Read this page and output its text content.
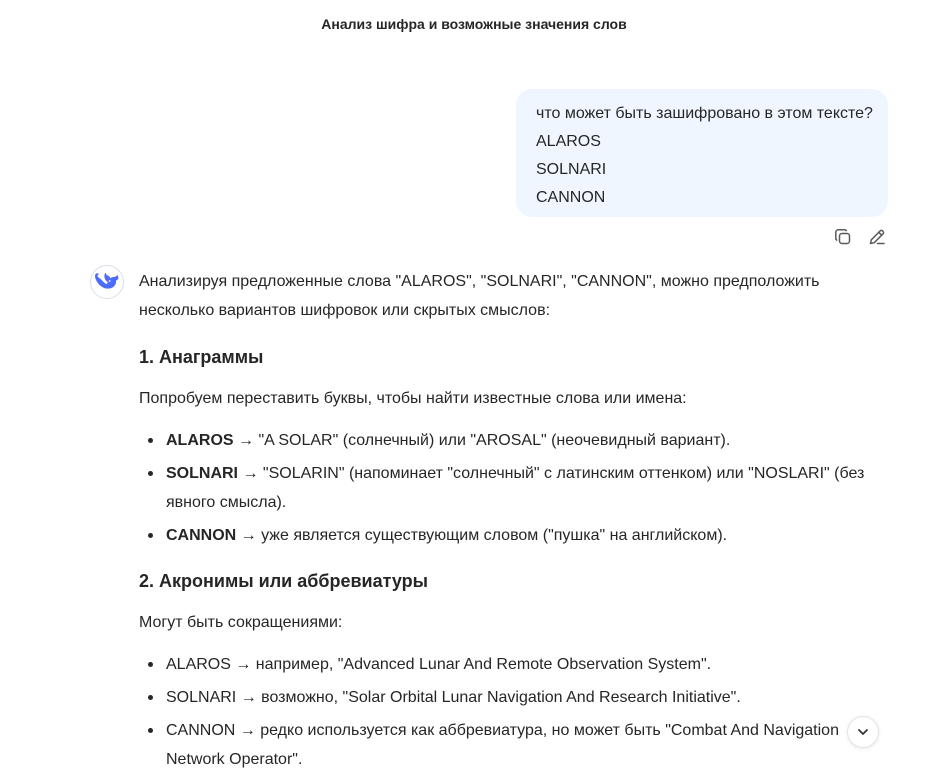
Анализ шифра и возможные значения слов
что может быть зашифровано в этом тексте?
ALAROS
SOLNARI
CANNON

Анализируя предложенные слова "ALAROS", "SOLNARI", "CANNON", можно предположить несколько вариантов шифровок или скрытых смыслов:

1. Анаграммы

Попробуем переставить буквы, чтобы найти известные слова или имена:

ALAROS → "A SOLAR" (солнечный) или "AROSAL" (неочевидный вариант).
SOLNARI → "SOLARIN" (напоминает "солнечный" с латинским оттенком) или "NOSLARI" (без явного смысла).
CANNON → уже является существующим словом ("пушка" на английском).
2. Акронимы или аббревиатуры

Могут быть сокращениями:

ALAROS → например, "Advanced Lunar And Remote Observation System".
SOLNARI → возможно, "Solar Orbital Lunar Navigation And Research Initiative".
CANNON → редко используется как аббревиатура, но может быть "Combat And Navigation Network Operator".
